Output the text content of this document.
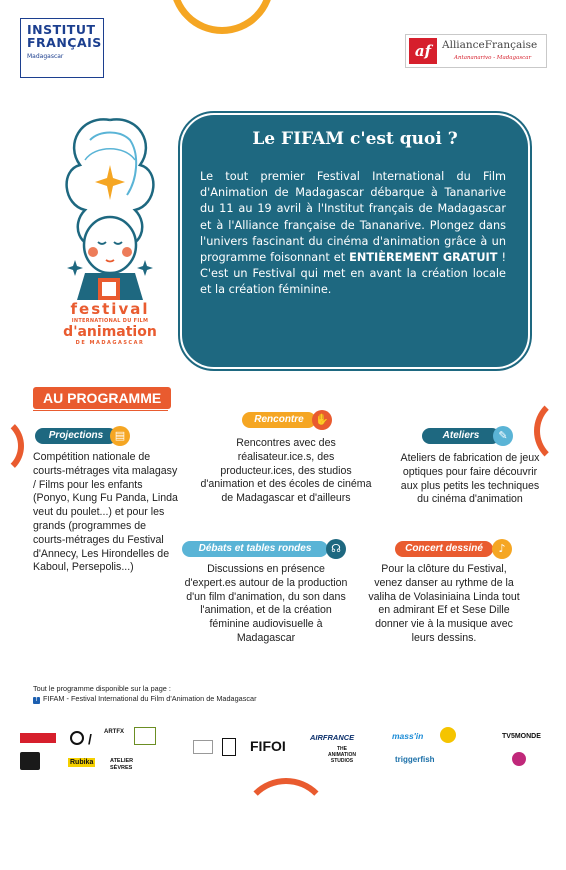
INSTITUT
FRANÇAIS
Madagascar	af	AllianceFrançaise
Antananarivo - Madagascar
festival
INTERNATIONAL DU FILM
d'animation
DE MADAGASCAR
Le FIFAM c'est quoi ?
Le tout premier Festival International du Film d'Animation de Madagascar débarque à Tananarive du 11 au 19 avril à l'Institut français de Madagascar et à l'Alliance française de Tananarive. Plongez dans l'univers fascinant du cinéma d'animation grâce à un programme foisonnant et ENTIÈREMENT GRATUIT ! C'est un Festival qui met en avant la création locale et la création féminine.
AU PROGRAMME
Projections	▤
Compétition nationale de courts-métrages vita malagasy / Films pour les enfants (Ponyo, Kung Fu Panda, Linda veut du poulet...) et pour les grands (programmes de courts-métrages du Festival d'Annecy, Les Hirondelles de Kaboul, Persepolis...)
Rencontre	✋
Rencontres avec des réalisateur.ice.s, des producteur.ices, des studios d'animation et des écoles de cinéma de Madagascar et d'ailleurs
Ateliers	✎
Ateliers de fabrication de jeux optiques pour faire découvrir aux plus petits les techniques du cinéma d'animation
Débats et tables rondes	☊
Discussions en présence d'expert.es autour de la production d'un film d'animation, du son dans l'animation, et de la création féminine audiovisuelle à Madagascar
Concert dessiné	♪
Pour la clôture du Festival, venez danser au rythme de la valiha de Volasiniaina Linda tout en admirant Ef et Sese Dille donner vie à la musique avec leurs dessins.
Tout le programme disponible sur la page :
f FIFAM - Festival International du Film d'Animation de Madagascar
/ ARTFX
Rubika	ATELIER SÈVRES
FIFOI
AIRFRANCE
THE ANIMATION STUDIOS
mass'in
triggerfish
TV5MONDE
